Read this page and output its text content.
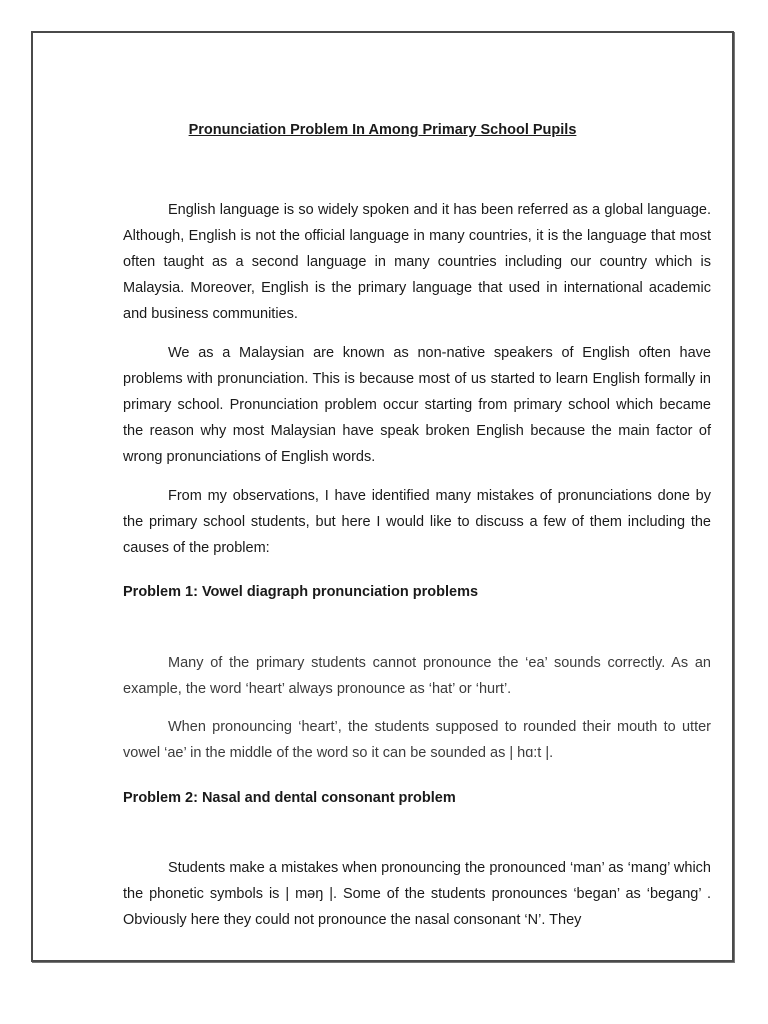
Pronunciation Problem In Among Primary School Pupils

English language is so widely spoken and it has been referred as a global language. Although, English is not the official language in many countries, it is the language that most often taught as a second language in many countries including our country which is Malaysia. Moreover, English is the primary language that used in international academic and business communities.

We as a Malaysian are known as non-native speakers of English often have problems with pronunciation. This is because most of us started to learn English formally in primary school. Pronunciation problem occur starting from primary school which became the reason why most Malaysian have speak broken English because the main factor of wrong pronunciations of English words.

From my observations, I have identified many mistakes of pronunciations done by the primary school students, but here I would like to discuss a few of them including the causes of the problem:

Problem 1: Vowel diagraph pronunciation problems

Many of the primary students cannot pronounce the ‘ea’ sounds correctly. As an example, the word ‘heart’ always pronounce as ‘hat’ or ‘hurt’.

When pronouncing ‘heart’, the students supposed to rounded their mouth to utter vowel ‘ae’ in the middle of the word so it can be sounded as | hɑ:t |.

Problem 2: Nasal and dental consonant problem

Students make a mistakes when pronouncing the pronounced ‘man’ as ‘mang’ which the phonetic symbols is | məŋ |. Some of the students pronounces ‘began’ as ‘begang’ . Obviously here they could not pronounce the nasal consonant ‘N’. They
